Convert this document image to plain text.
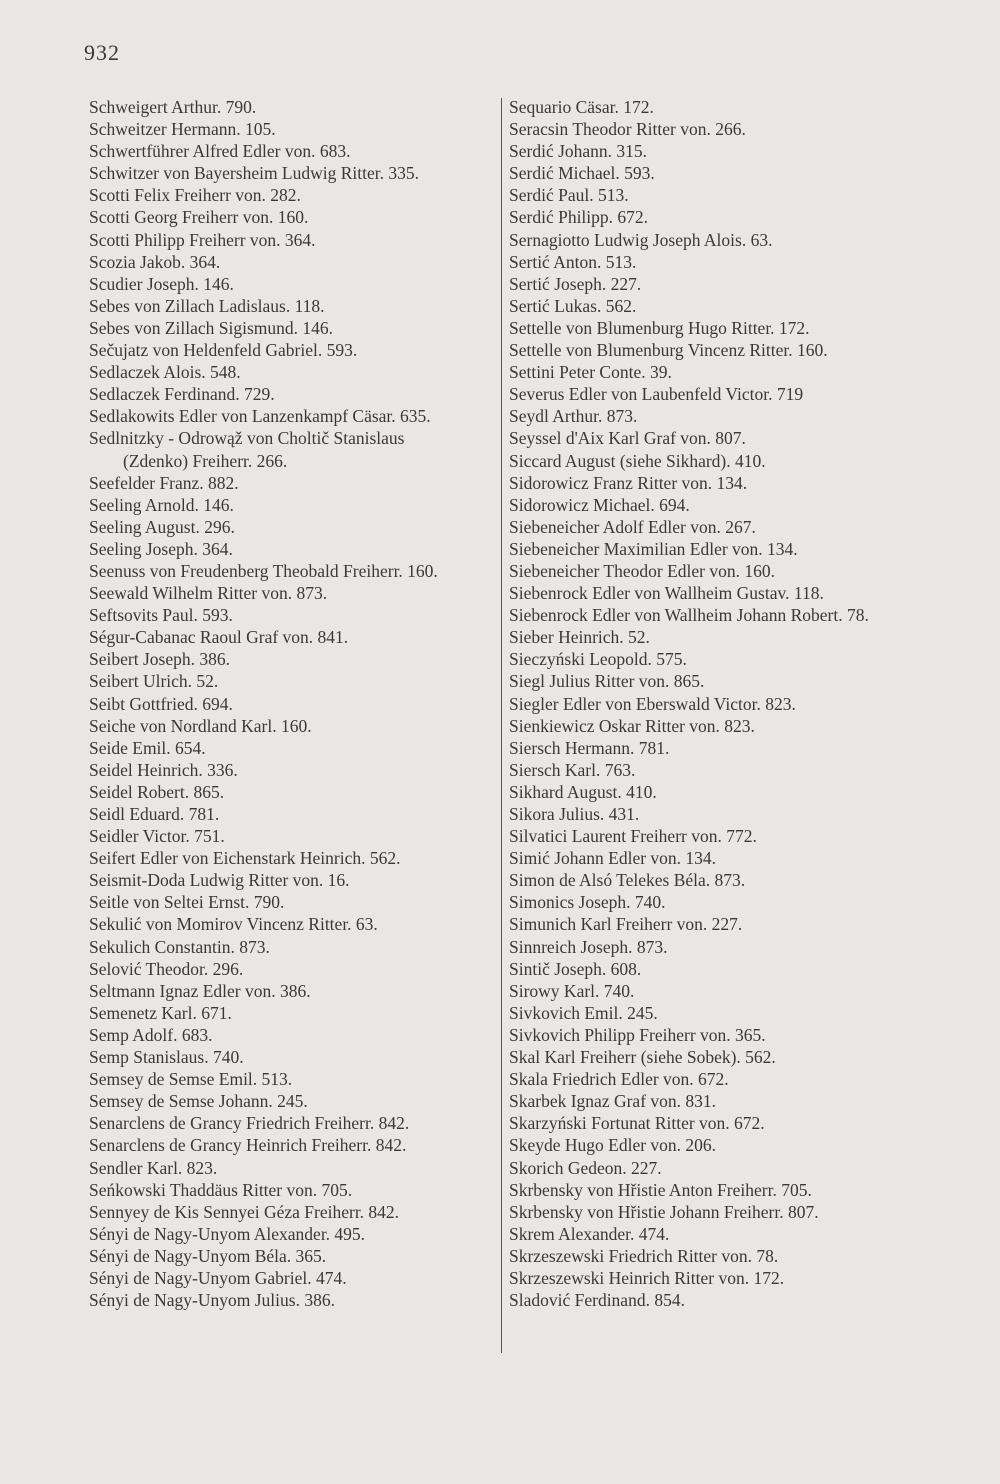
932
Schweigert Arthur. 790.
Schweitzer Hermann. 105.
Schwertführer Alfred Edler von. 683.
Schwitzer von Bayersheim Ludwig Ritter. 335.
Scotti Felix Freiherr von. 282.
Scotti Georg Freiherr von. 160.
Scotti Philipp Freiherr von. 364.
Scozia Jakob. 364.
Scudier Joseph. 146.
Sebes von Zillach Ladislaus. 118.
Sebes von Zillach Sigismund. 146.
Sečujatz von Heldenfeld Gabriel. 593.
Sedlaczek Alois. 548.
Sedlaczek Ferdinand. 729.
Sedlakowits Edler von Lanzenkampf Cäsar. 635.
Sedlnitzky - Odrowąž von Choltič Stanislaus
(Zdenko) Freiherr. 266.
Seefelder Franz. 882.
Seeling Arnold. 146.
Seeling August. 296.
Seeling Joseph. 364.
Seenuss von Freudenberg Theobald Freiherr. 160.
Seewald Wilhelm Ritter von. 873.
Seftsovits Paul. 593.
Ségur-Cabanac Raoul Graf von. 841.
Seibert Joseph. 386.
Seibert Ulrich. 52.
Seibt Gottfried. 694.
Seiche von Nordland Karl. 160.
Seide Emil. 654.
Seidel Heinrich. 336.
Seidel Robert. 865.
Seidl Eduard. 781.
Seidler Victor. 751.
Seifert Edler von Eichenstark Heinrich. 562.
Seismit-Doda Ludwig Ritter von. 16.
Seitle von Seltei Ernst. 790.
Sekulić von Momirov Vincenz Ritter. 63.
Sekulich Constantin. 873.
Selović Theodor. 296.
Seltmann Ignaz Edler von. 386.
Semenetz Karl. 671.
Semp Adolf. 683.
Semp Stanislaus. 740.
Semsey de Semse Emil. 513.
Semsey de Semse Johann. 245.
Senarclens de Grancy Friedrich Freiherr. 842.
Senarclens de Grancy Heinrich Freiherr. 842.
Sendler Karl. 823.
Seńkowski Thaddäus Ritter von. 705.
Sennyey de Kis Sennyei Géza Freiherr. 842.
Sényi de Nagy-Unyom Alexander. 495.
Sényi de Nagy-Unyom Béla. 365.
Sényi de Nagy-Unyom Gabriel. 474.
Sényi de Nagy-Unyom Julius. 386.
Sequario Cäsar. 172.
Seracsin Theodor Ritter von. 266.
Serdić Johann. 315.
Serdić Michael. 593.
Serdić Paul. 513.
Serdić Philipp. 672.
Sernagiotto Ludwig Joseph Alois. 63.
Sertić Anton. 513.
Sertić Joseph. 227.
Sertić Lukas. 562.
Settelle von Blumenburg Hugo Ritter. 172.
Settelle von Blumenburg Vincenz Ritter. 160.
Settini Peter Conte. 39.
Severus Edler von Laubenfeld Victor. 719
Seydl Arthur. 873.
Seyssel d'Aix Karl Graf von. 807.
Siccard August (siehe Sikhard). 410.
Sidorowicz Franz Ritter von. 134.
Sidorowicz Michael. 694.
Siebeneicher Adolf Edler von. 267.
Siebeneicher Maximilian Edler von. 134.
Siebeneicher Theodor Edler von. 160.
Siebenrock Edler von Wallheim Gustav. 118.
Siebenrock Edler von Wallheim Johann Robert. 78.
Sieber Heinrich. 52.
Sieczyński Leopold. 575.
Siegl Julius Ritter von. 865.
Siegler Edler von Eberswald Victor. 823.
Sienkiewicz Oskar Ritter von. 823.
Siersch Hermann. 781.
Siersch Karl. 763.
Sikhard August. 410.
Sikora Julius. 431.
Silvatici Laurent Freiherr von. 772.
Simić Johann Edler von. 134.
Simon de Alsó Telekes Béla. 873.
Simonics Joseph. 740.
Simunich Karl Freiherr von. 227.
Sinnreich Joseph. 873.
Sintič Joseph. 608.
Sirowy Karl. 740.
Sivkovich Emil. 245.
Sivkovich Philipp Freiherr von. 365.
Skal Karl Freiherr (siehe Sobek). 562.
Skala Friedrich Edler von. 672.
Skarbek Ignaz Graf von. 831.
Skarzyński Fortunat Ritter von. 672.
Skeyde Hugo Edler von. 206.
Skorich Gedeon. 227.
Skrbensky von Hřistie Anton Freiherr. 705.
Skrbensky von Hřistie Johann Freiherr. 807.
Skrem Alexander. 474.
Skrzeszewski Friedrich Ritter von. 78.
Skrzeszewski Heinrich Ritter von. 172.
Sladović Ferdinand. 854.
